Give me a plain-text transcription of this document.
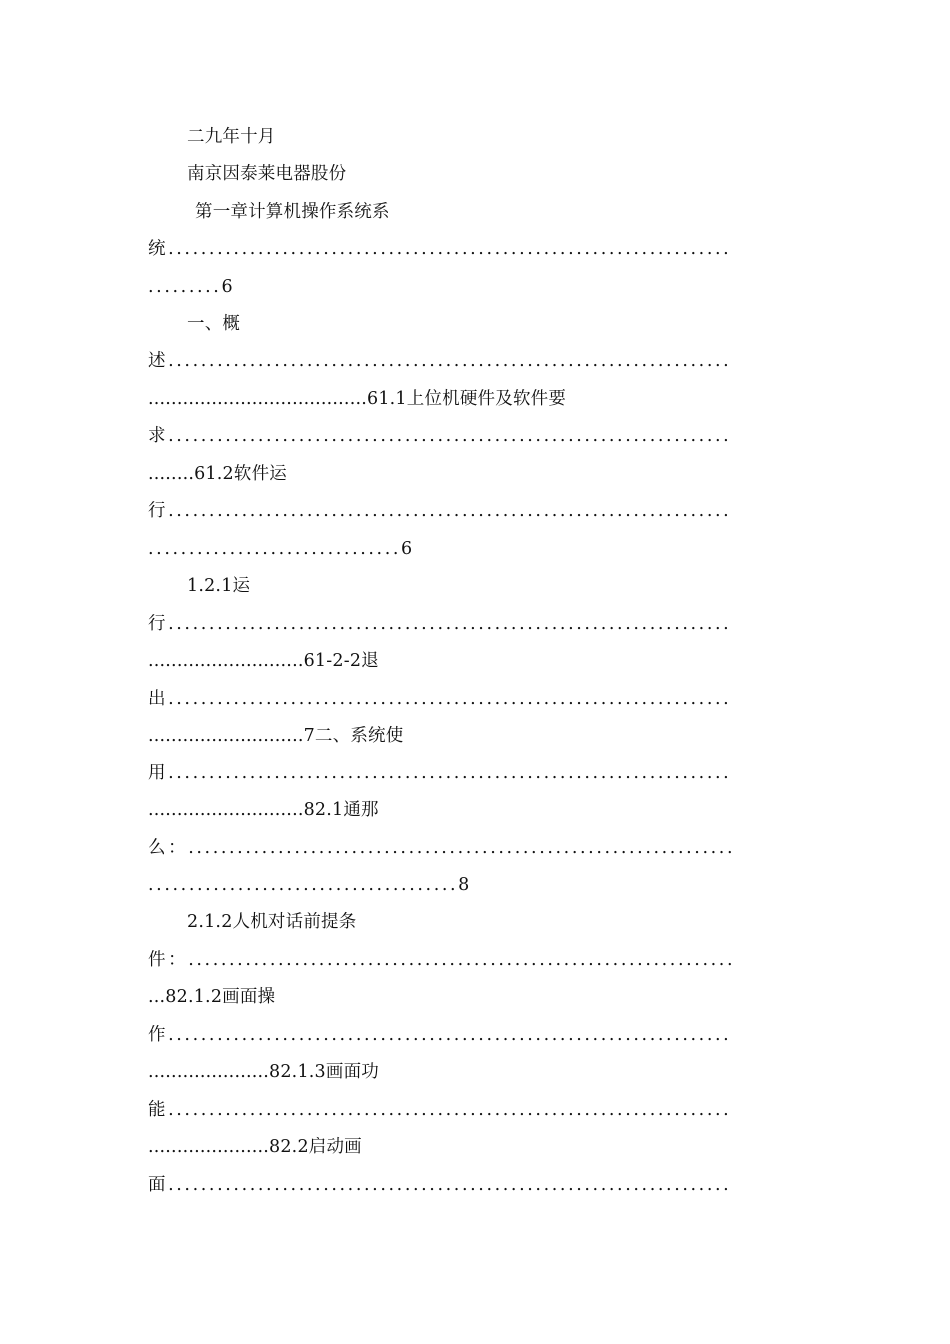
二九年十月
南京因泰莱电器股份
第一章计算机操作系统系
统.....................................................................
.........6
一、概
述.....................................................................
......................................61.1上位机硬件及软件要
求.....................................................................
........61.2软件运
行.....................................................................
...............................6
1.2.1运
行.....................................................................
...........................61-2-2退
出.....................................................................
...........................7二、系统使
用.....................................................................
...........................82.1通那
么：...................................................................
......................................8
2.1.2人机对话前提条
件：...................................................................
...82.1.2画面操
作.....................................................................
.....................82.1.3画面功
能.....................................................................
.....................82.2启动画
面.....................................................................
